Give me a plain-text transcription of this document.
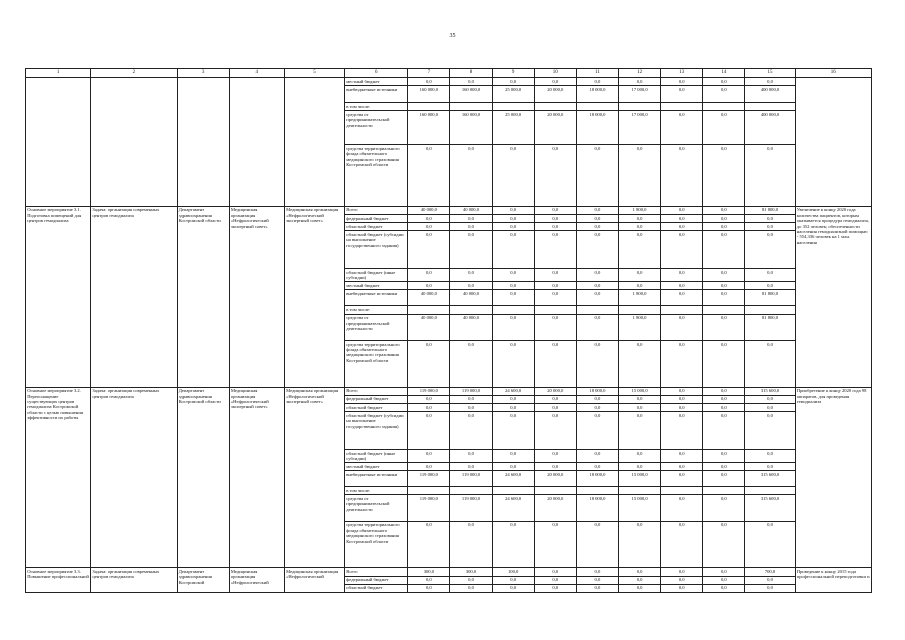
35
1	2	3	4	5	6	7	8	9	10	11	12	13	14	15	16
					местный бюджет	0,0	0,0	0,0	0,0	0,0	0,0	0,0	0,0	0,0	
					внебюджетные источники	160 000,0	160 000,0	25 000,0	20 000,0	18 000,0	17 000,0	0,0	0,0	400 000,0	
					в том числе:										
					средства от предпринимательской деятельности	160 000,0	160 000,0	25 000,0	20 000,0	18 000,0	17 000,0	0,0	0,0	400 000,0	
					средства территориального фонда обязательного медицинского страхования Костромской области	0,0	0,0	0,0	0,0	0,0	0,0	0,0	0,0	0,0	
Основное мероприятие 3.1. Подготовка помещений для центров гемодиализа	Задача: организация современных центров гемодиализа	Департамент здравоохранения Костромской области	Медицинская организация «Нефрологический экспертный совет»	Медицинская организация «Нефрологический экспертный совет»	Всего	40 000,0	40 000,0	0,0	0,0	0,0	1 800,0	0,0	0,0	81 800,0	Увеличение к концу 2020 года количества пациентов, которым оказывается процедура гемодиализа, до 352 человек; обеспеченности населения гемодиализной помощью - 554,336 человек на 1 млн. населения
					федеральный бюджет	0,0	0,0	0,0	0,0	0,0	0,0	0,0	0,0	0,0	
					областной бюджет	0,0	0,0	0,0	0,0	0,0	0,0	0,0	0,0	0,0	
					областной бюджет (субсидии на выполнение государственного задания)	0,0	0,0	0,0	0,0	0,0	0,0	0,0	0,0	0,0	
					областной бюджет (иные субсидии)	0,0	0,0	0,0	0,0	0,0	0,0	0,0	0,0	0,0	
					местный бюджет	0,0	0,0	0,0	0,0	0,0	0,0	0,0	0,0	0,0	
					внебюджетные источники	40 000,0	40 000,0	0,0	0,0	0,0	1 800,0	0,0	0,0	81 800,0	
					в том числе:										
					средства от предпринимательской деятельности	40 000,0	40 000,0	0,0	0,0	0,0	1 800,0	0,0	0,0	81 800,0	
					средства территориального фонда обязательного медицинского страхования Костромской области	0,0	0,0	0,0	0,0	0,0	0,0	0,0	0,0	0,0	
Основное мероприятие 3.2. Переоснащение существующих центров гемодиализа Костромской области с целью повышения эффективности их работы	Задача: организация современных центров гемодиализа	Департамент здравоохранения Костромской области	Медицинская организация «Нефрологический экспертный совет»	Медицинская организация «Нефрологический экспертный совет»	Всего	119 000,0	119 000,0	24 600,0	20 000,0	18 000,0	15 000,0	0,0	0,0	315 600,0	Приобретение к концу 2020 года 98 аппаратов, для проведения гемодиализа
					федеральный бюджет	0,0	0,0	0,0	0,0	0,0	0,0	0,0	0,0	0,0	
					областной бюджет	0,0	0,0	0,0	0,0	0,0	0,0	0,0	0,0	0,0	
					областной бюджет (субсидии на выполнение государственного задания)	0,0	0,0	0,0	0,0	0,0	0,0	0,0	0,0	0,0	
					областной бюджет (иные субсидии)	0,0	0,0	0,0	0,0	0,0	0,0	0,0	0,0	0,0	
					местный бюджет	0,0	0,0	0,0	0,0	0,0	0,0	0,0	0,0	0,0	
					внебюджетные источники	119 000,0	119 000,0	24 600,0	20 000,0	18 000,0	15 000,0	0,0	0,0	315 600,0	
					в том числе:										
					средства от предпринимательской деятельности	119 000,0	119 000,0	24 600,0	20 000,0	18 000,0	15 000,0	0,0	0,0	315 600,0	
					средства территориального фонда обязательного медицинского страхования Костромской области	0,0	0,0	0,0	0,0	0,0	0,0	0,0	0,0	0,0	
Основное мероприятие 3.3. Повышение профессиональной	Задача: организация современных центров гемодиализа	Департамент здравоохранения Костромской	Медицинская организация «Нефрологический	Медицинская организация «Нефрологический	Всего	300,0	300,0	100,0	0,0	0,0	0,0	0,0	0,0	700,0	Проведение к концу 2015 года профессиональной переподготовки и
					федеральный бюджет	0,0	0,0	0,0	0,0	0,0	0,0	0,0	0,0	0,0	
					областной бюджет	0,0	0,0	0,0	0,0	0,0	0,0	0,0	0,0	0,0	
